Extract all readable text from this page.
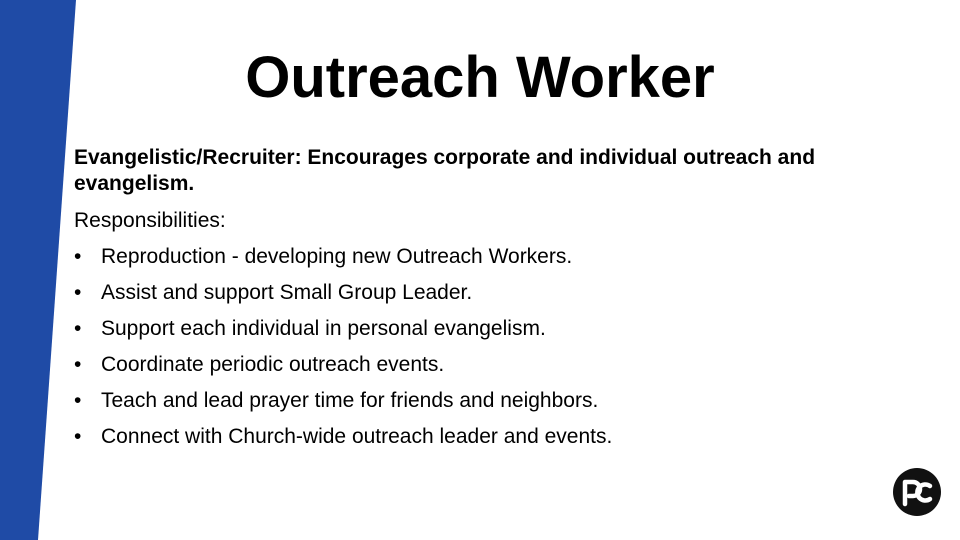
Outreach Worker

Evangelistic/Recruiter: Encourages corporate and individual outreach and evangelism.

Responsibilities:

• Reproduction - developing new Outreach Workers.
• Assist and support Small Group Leader.
• Support each individual in personal evangelism.
• Coordinate periodic outreach events.
• Teach and lead prayer time for friends and neighbors.
• Connect with Church-wide outreach leader and events.
